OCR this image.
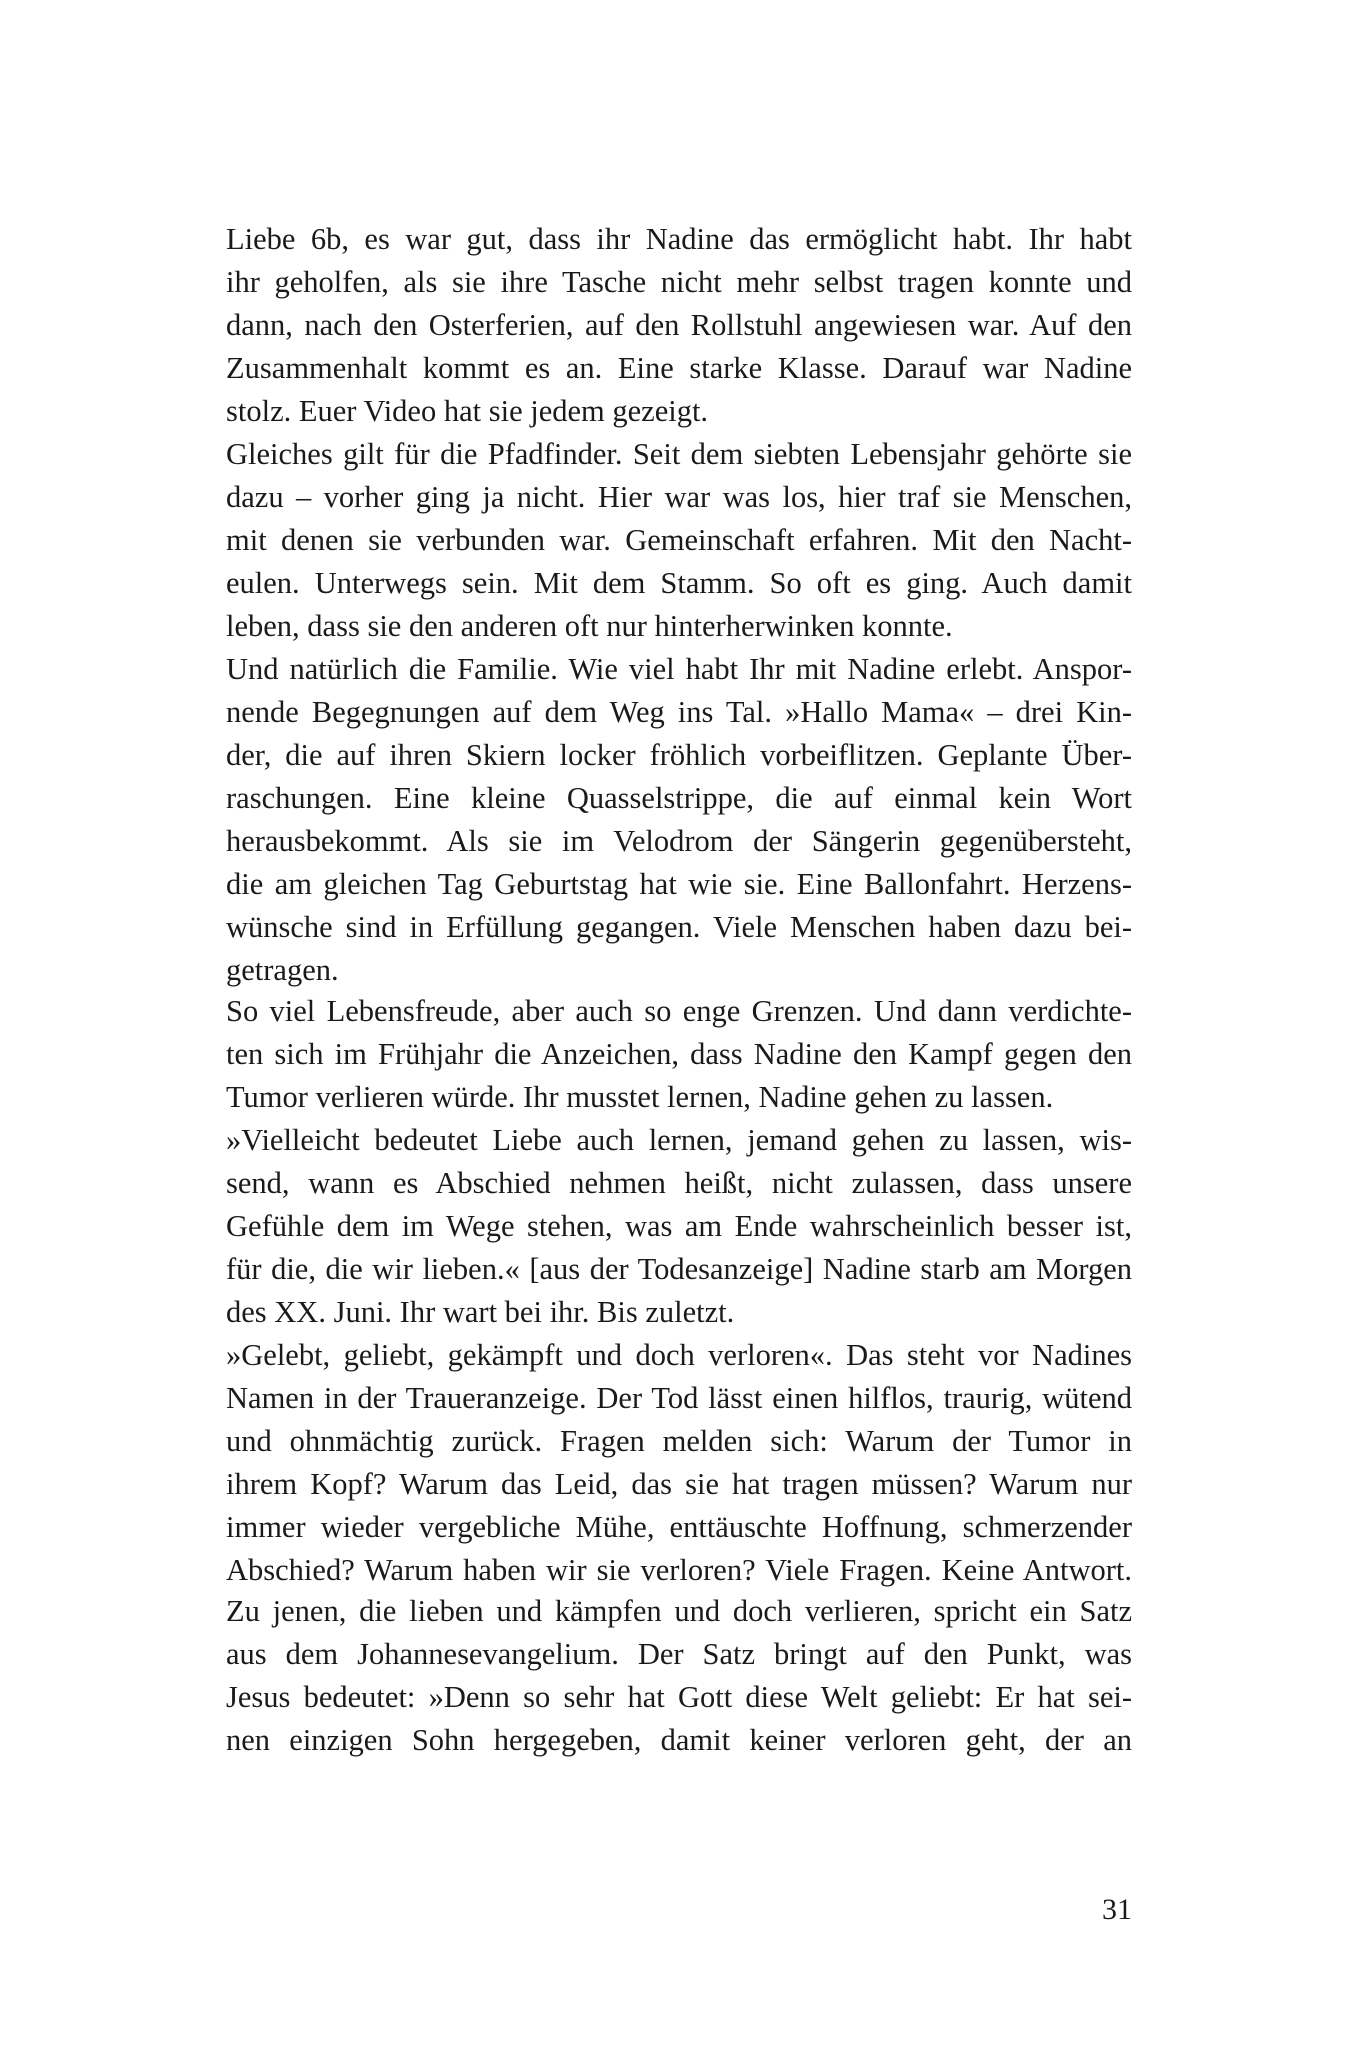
Liebe 6b, es war gut, dass ihr Nadine das ermöglicht habt. Ihr habt
ihr geholfen, als sie ihre Tasche nicht mehr selbst tragen konnte und
dann, nach den Osterferien, auf den Rollstuhl angewiesen war. Auf den
Zusammenhalt kommt es an. Eine starke Klasse. Darauf war Nadine
stolz. Euer Video hat sie jedem gezeigt.
Gleiches gilt für die Pfadfinder. Seit dem siebten Lebensjahr gehörte sie
dazu – vorher ging ja nicht. Hier war was los, hier traf sie Menschen,
mit denen sie verbunden war. Gemeinschaft erfahren. Mit den Nacht-
eulen. Unterwegs sein. Mit dem Stamm. So oft es ging. Auch damit
leben, dass sie den anderen oft nur hinterherwinken konnte.
Und natürlich die Familie. Wie viel habt Ihr mit Nadine erlebt. Anspor-
nende Begegnungen auf dem Weg ins Tal. »Hallo Mama« – drei Kin-
der, die auf ihren Skiern locker fröhlich vorbeiflitzen. Geplante Über-
raschungen. Eine kleine Quasselstrippe, die auf einmal kein Wort
herausbekommt. Als sie im Velodrom der Sängerin gegenübersteht,
die am gleichen Tag Geburtstag hat wie sie. Eine Ballonfahrt. Herzens-
wünsche sind in Erfüllung gegangen. Viele Menschen haben dazu bei-
getragen.
So viel Lebensfreude, aber auch so enge Grenzen. Und dann verdichte-
ten sich im Frühjahr die Anzeichen, dass Nadine den Kampf gegen den
Tumor verlieren würde. Ihr musstet lernen, Nadine gehen zu lassen.
»Vielleicht bedeutet Liebe auch lernen, jemand gehen zu lassen, wis-
send, wann es Abschied nehmen heißt, nicht zulassen, dass unsere
Gefühle dem im Wege stehen, was am Ende wahrscheinlich besser ist,
für die, die wir lieben.« [aus der Todesanzeige] Nadine starb am Morgen
des XX. Juni. Ihr wart bei ihr. Bis zuletzt.
»Gelebt, geliebt, gekämpft und doch verloren«. Das steht vor Nadines
Namen in der Traueranzeige. Der Tod lässt einen hilflos, traurig, wütend
und ohnmächtig zurück. Fragen melden sich: Warum der Tumor in
ihrem Kopf? Warum das Leid, das sie hat tragen müssen? Warum nur
immer wieder vergebliche Mühe, enttäuschte Hoffnung, schmerzender
Abschied? Warum haben wir sie verloren? Viele Fragen. Keine Antwort.
Zu jenen, die lieben und kämpfen und doch verlieren, spricht ein Satz
aus dem Johannesevangelium. Der Satz bringt auf den Punkt, was
Jesus bedeutet: »Denn so sehr hat Gott diese Welt geliebt: Er hat sei-
nen einzigen Sohn hergegeben, damit keiner verloren geht, der an
31
